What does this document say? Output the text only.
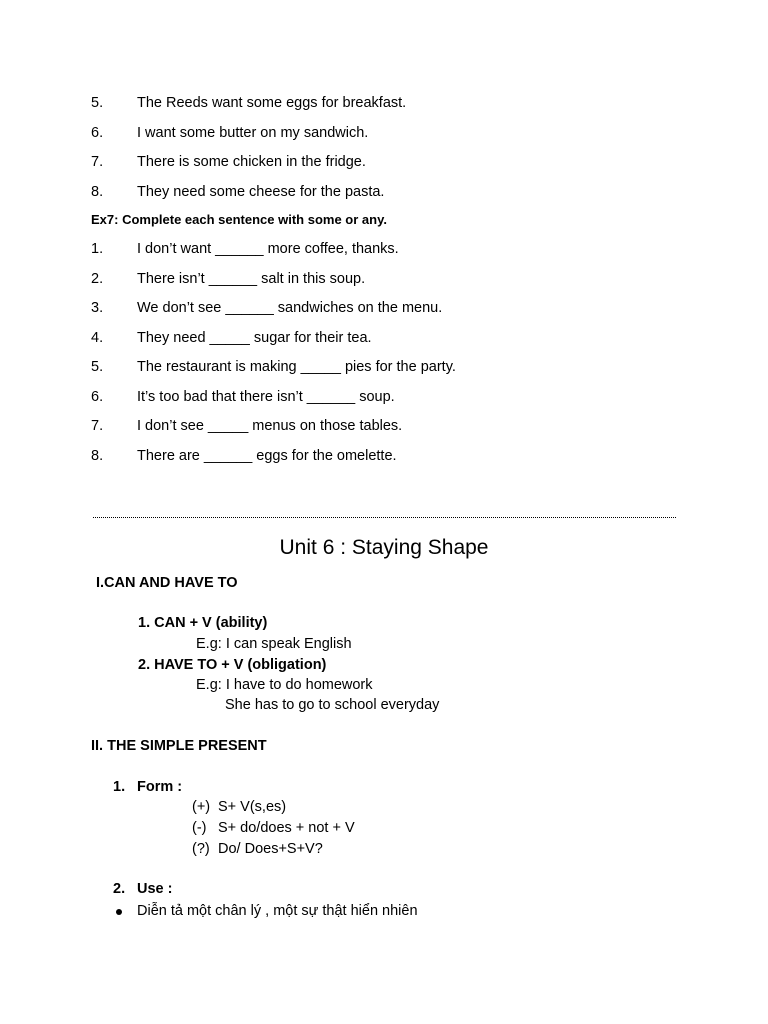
5. The Reeds want some eggs for breakfast.
6. I want some butter on my sandwich.
7. There is some chicken in the fridge.
8. They need some cheese for the pasta.
Ex7: Complete each sentence with some or any.
1. I don’t want ______ more coffee, thanks.
2. There isn’t ______ salt in this soup.
3. We don’t see ______ sandwiches on the menu.
4. They need _____ sugar for their tea.
5. The restaurant is making _____ pies for the party.
6. It’s too bad that there isn’t ______ soup.
7. I don’t see _____ menus on those tables.
8. There are ______ eggs for the omelette.
Unit 6 : Staying Shape
I.CAN AND HAVE TO
1. CAN + V (ability)
E.g: I can speak English
2. HAVE TO + V (obligation)
E.g: I have to do homework
She has to go to school everyday
II. THE SIMPLE PRESENT
1. Form :
(+) S+ V(s,es)
(-) S+ do/does + not + V
(?) Do/ Does+S+V?
2. Use :
Diễn tả một chân lý , một sự thật hiển nhiên
